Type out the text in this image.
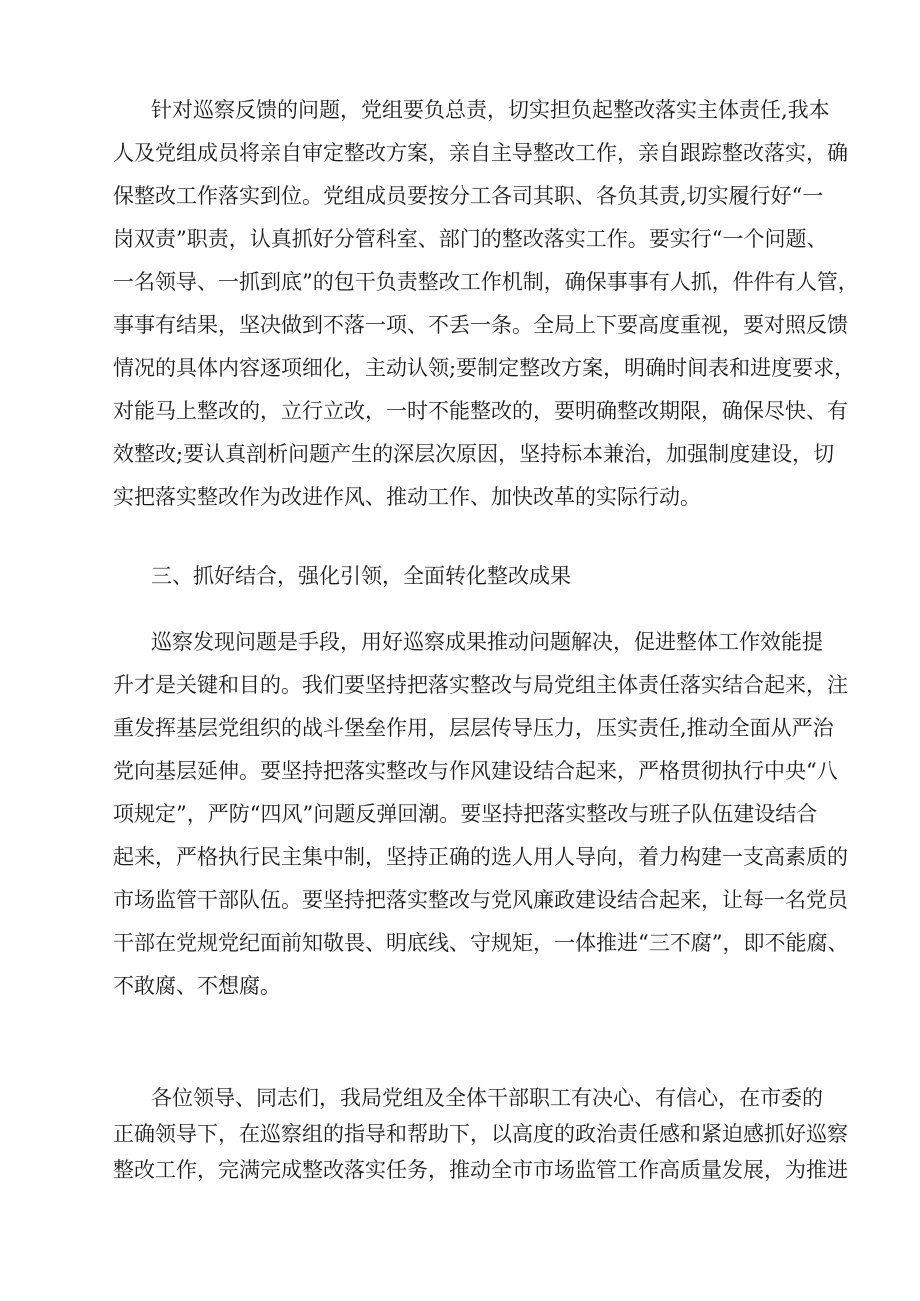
针对巡察反馈的问题，党组要负总责，切实担负起整改落实主体责任,我本
人及党组成员将亲自审定整改方案，亲自主导整改工作，亲自跟踪整改落实，确
保整改工作落实到位。党组成员要按分工各司其职、各负其责,切实履行好“一
岗双责”职责，认真抓好分管科室、部门的整改落实工作。要实行“一个问题、
一名领导、一抓到底”的包干负责整改工作机制，确保事事有人抓，件件有人管，
事事有结果，坚决做到不落一项、不丢一条。全局上下要高度重视，要对照反馈
情况的具体内容逐项细化，主动认领;要制定整改方案，明确时间表和进度要求，
对能马上整改的，立行立改，一时不能整改的，要明确整改期限，确保尽快、有
效整改;要认真剖析问题产生的深层次原因，坚持标本兼治，加强制度建设，切
实把落实整改作为改进作风、推动工作、加快改革的实际行动。
三、抓好结合，强化引领，全面转化整改成果
巡察发现问题是手段，用好巡察成果推动问题解决，促进整体工作效能提
升才是关键和目的。我们要坚持把落实整改与局党组主体责任落实结合起来，注
重发挥基层党组织的战斗堡垒作用，层层传导压力，压实责任,推动全面从严治
党向基层延伸。要坚持把落实整改与作风建设结合起来，严格贯彻执行中央“八
项规定”，严防“四风”问题反弹回潮。要坚持把落实整改与班子队伍建设结合
起来，严格执行民主集中制，坚持正确的选人用人导向，着力构建一支高素质的
市场监管干部队伍。要坚持把落实整改与党风廉政建设结合起来，让每一名党员
干部在党规党纪面前知敬畏、明底线、守规矩，一体推进“三不腐”，即不能腐、
不敢腐、不想腐。
各位领导、同志们，我局党组及全体干部职工有决心、有信心，在市委的
正确领导下，在巡察组的指导和帮助下，以高度的政治责任感和紧迫感抓好巡察
整改工作，完满完成整改落实任务，推动全市市场监管工作高质量发展，为推进
